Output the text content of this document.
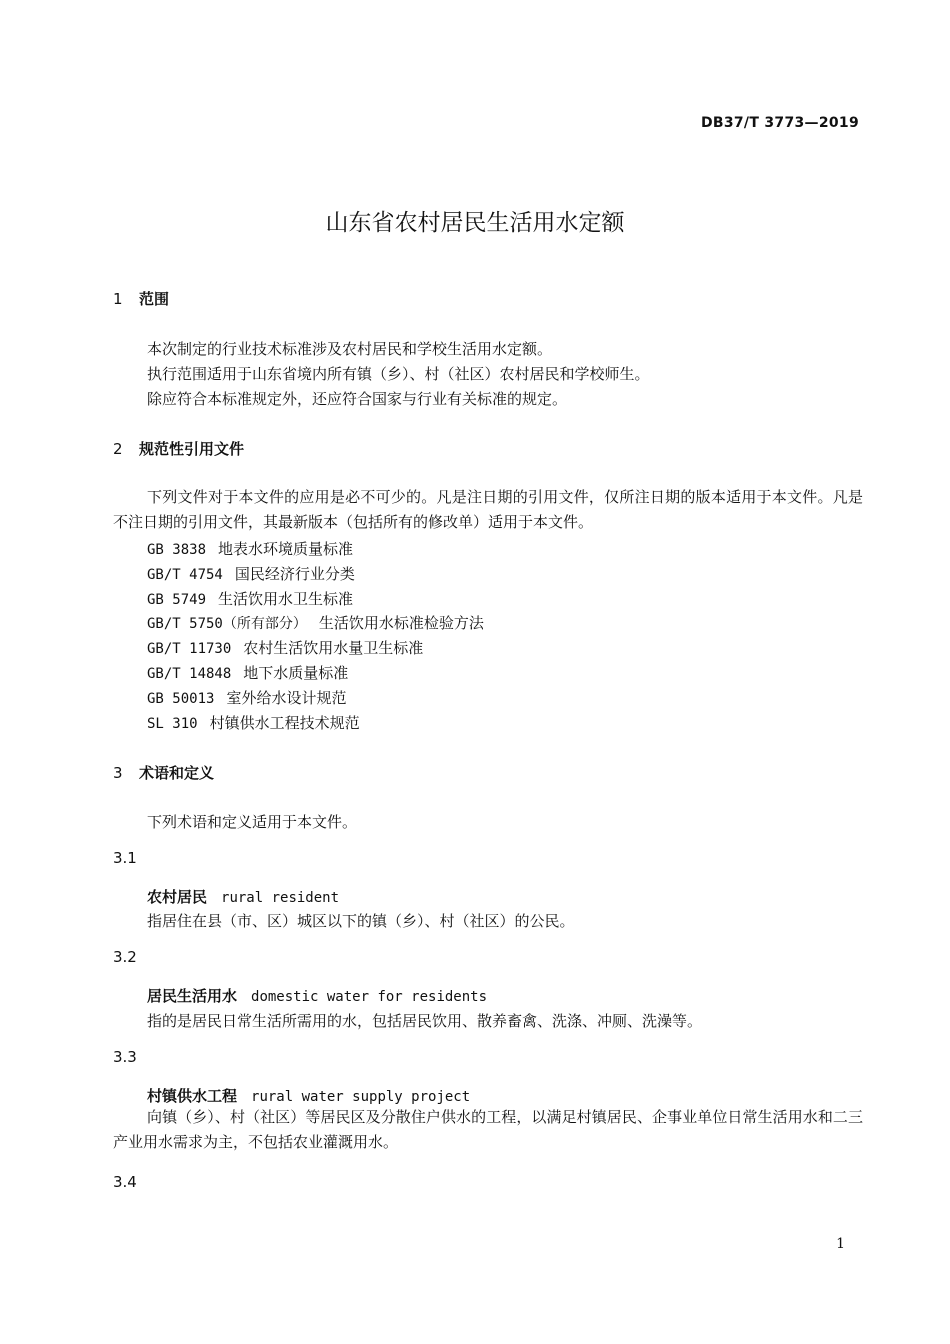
DB37/T 3773—2019
山东省农村居民生活用水定额
1 范围
本次制定的行业技术标准涉及农村居民和学校生活用水定额。
执行范围适用于山东省境内所有镇（乡）、村（社区）农村居民和学校师生。
除应符合本标准规定外，还应符合国家与行业有关标准的规定。
2 规范性引用文件
下列文件对于本文件的应用是必不可少的。凡是注日期的引用文件，仅所注日期的版本适用于本文件。凡是不注日期的引用文件，其最新版本（包括所有的修改单）适用于本文件。
GB 3838 地表水环境质量标准
GB/T 4754 国民经济行业分类
GB 5749 生活饮用水卫生标准
GB/T 5750（所有部分） 生活饮用水标准检验方法
GB/T 11730 农村生活饮用水量卫生标准
GB/T 14848 地下水质量标准
GB 50013 室外给水设计规范
SL 310 村镇供水工程技术规范
3 术语和定义
下列术语和定义适用于本文件。
3.1
农村居民 rural resident
指居住在县（市、区）城区以下的镇（乡）、村（社区）的公民。
3.2
居民生活用水 domestic water for residents
指的是居民日常生活所需用的水，包括居民饮用、散养畜禽、洗涤、冲厕、洗澡等。
3.3
村镇供水工程 rural water supply project
向镇（乡）、村（社区）等居民区及分散住户供水的工程，以满足村镇居民、企事业单位日常生活用水和二三产业用水需求为主，不包括农业灌溉用水。
3.4
1
